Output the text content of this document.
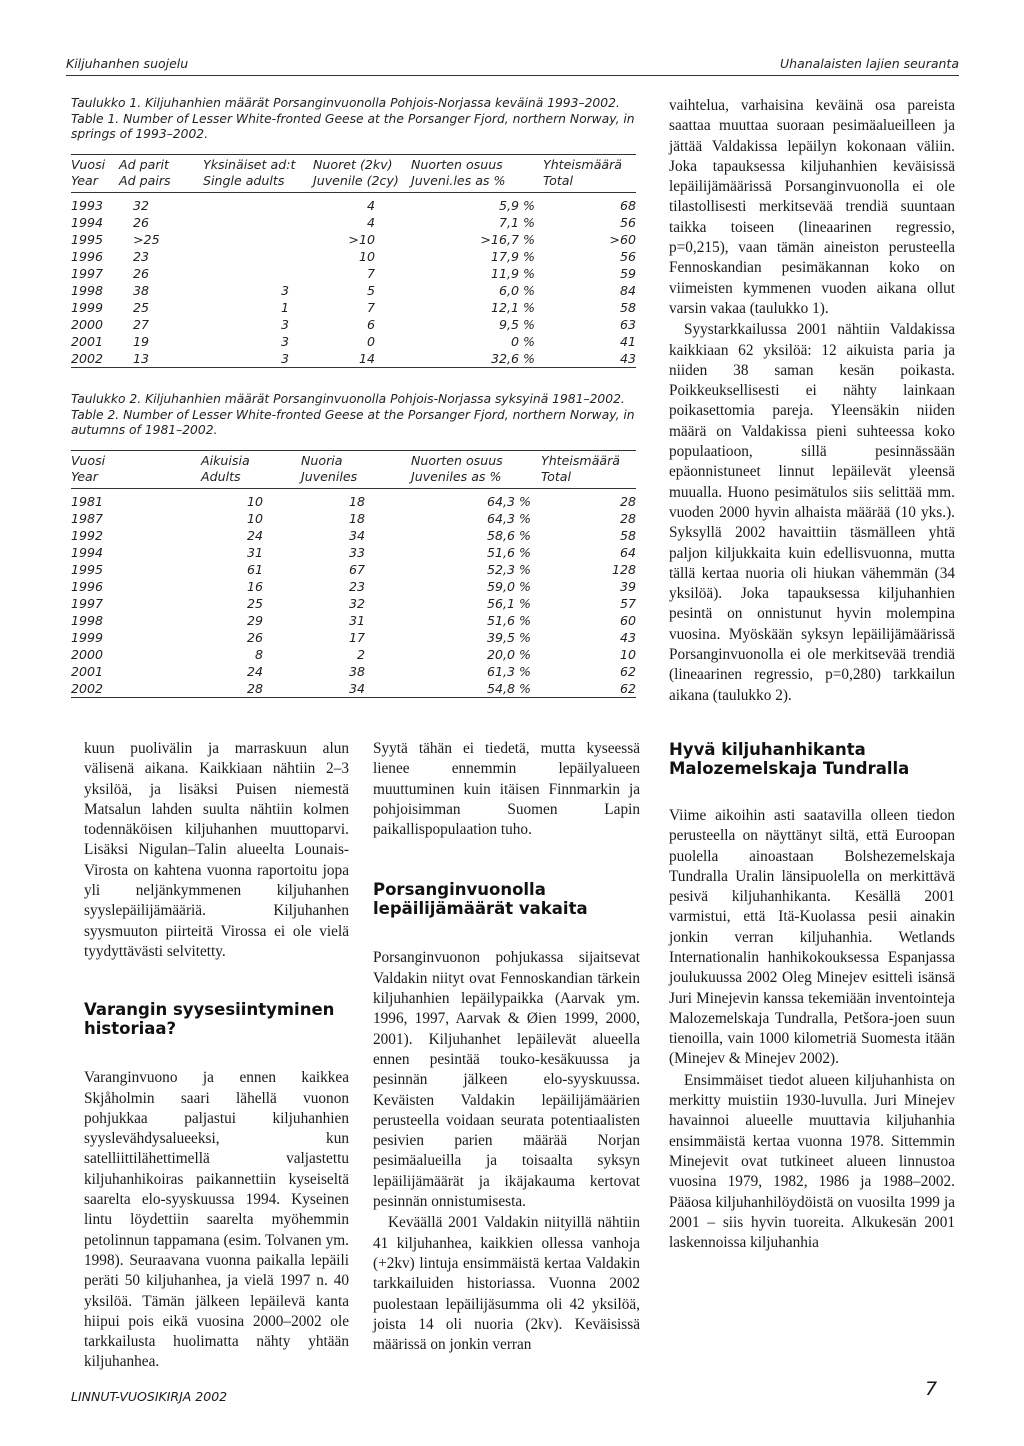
Kiljuhanhen suojelu	Uhanalaisten lajien seuranta

Taulukko 1. Kiljuhanhien määrät Porsanginvuonolla Pohjois-Norjassa keväinä 1993–2002.

Table 1. Number of Lesser White-fronted Geese at the Porsanger Fjord, northern Norway, in springs of 1993–2002.

Vuosi	Ad parit	Yksinäiset ad:t	Nuoret (2kv)	Nuorten osuus	Yhteismäärä
Year	Ad pairs	Single adults	Juvenile (2cy)	Juveni.les as %	Total
1993	32		4	5,9 %	68
1994	26		4	7,1 %	56
1995	>25		>10	>16,7 %	>60
1996	23		10	17,9 %	56
1997	26		7	11,9 %	59
1998	38	3	5	6,0 %	84
1999	25	1	7	12,1 %	58
2000	27	3	6	9,5 %	63
2001	19	3	0	0 %	41
2002	13	3	14	32,6 %	43

Taulukko 2. Kiljuhanhien määrät Porsanginvuonolla Pohjois-Norjassa syksyinä 1981–2002.

Table 2. Number of Lesser White-fronted Geese at the Porsanger Fjord, northern Norway, in autumns of 1981–2002.

Vuosi	Aikuisia	Nuoria	Nuorten osuus	Yhteismäärä
Year	Adults	Juveniles	Juveniles as %	Total
1981	10	18	64,3 %	28
1987	10	18	64,3 %	28
1992	24	34	58,6 %	58
1994	31	33	51,6 %	64
1995	61	67	52,3 %	128
1996	16	23	59,0 %	39
1997	25	32	56,1 %	57
1998	29	31	51,6 %	60
1999	26	17	39,5 %	43
2000	8	2	20,0 %	10
2001	24	38	61,3 %	62
2002	28	34	54,8 %	62

kuun puolivälin ja marraskuun alun välisenä aikana. Kaikkiaan nähtiin 2–3 yksilöä, ja lisäksi Puisen niemestä Matsalun lahden suulta nähtiin kolmen todennäköisen kiljuhanhen muuttoparvi. Lisäksi Nigulan–Talin alueelta Lounais-Virosta on kahtena vuonna raportoitu jopa yli neljänkymmenen kiljuhanhen syyslepäilijämääriä. Kiljuhanhen syysmuuton piirteitä Virossa ei ole vielä tyydyttävästi selvitetty.

Varangin syysesiintyminen historiaa?

Varanginvuono ja ennen kaikkea Skjåholmin saari lähellä vuonon pohjukkaa paljastui kiljuhanhien syyslevähdysalueeksi, kun satelliittilähettimellä valjastettu kiljuhanhikoiras paikannettiin kyseiseltä saarelta elo-syyskuussa 1994. Kyseinen lintu löydettiin saarelta myöhemmin petolinnun tappamana (esim. Tolvanen ym. 1998). Seuraavana vuonna paikalla lepäili peräti 50 kiljuhanhea, ja vielä 1997 n. 40 yksilöä. Tämän jälkeen lepäilevä kanta hiipui pois eikä vuosina 2000–2002 ole tarkkailusta huolimatta nähty yhtään kiljuhanhea.

Syytä tähän ei tiedetä, mutta kyseessä lienee ennemmin lepäilyalueen muuttuminen kuin itäisen Finnmarkin ja pohjoisimman Suomen Lapin paikallispopulaation tuho.

Porsanginvuonolla lepäilijämäärät vakaita

Porsanginvuonon pohjukassa sijaitsevat Valdakin niityt ovat Fennoskandian tärkein kiljuhanhien lepäilypaikka (Aarvak ym. 1996, 1997, Aarvak & Øien 1999, 2000, 2001). Kiljuhanhet lepäilevät alueella ennen pesintää touko-kesäkuussa ja pesinnän jälkeen elo-syyskuussa. Keväisten Valdakin lepäilijämäärien perusteella voidaan seurata potentiaalisten pesivien parien määrää Norjan pesimäalueilla ja toisaalta syksyn lepäilijämäärät ja ikäjakauma kertovat pesinnän onnistumisesta.

Keväällä 2001 Valdakin niityillä nähtiin 41 kiljuhanhea, kaikkien ollessa vanhoja (+2kv) lintuja ensimmäistä kertaa Valdakin tarkkailuiden historiassa. Vuonna 2002 puolestaan lepäilijäsumma oli 42 yksilöä, joista 14 oli nuoria (2kv). Keväisissä määrissä on jonkin verran

vaihtelua, varhaisina keväinä osa pareista saattaa muuttaa suoraan pesimäalueilleen ja jättää Valdakissa lepäilyn kokonaan väliin. Joka tapauksessa kiljuhanhien keväisissä lepäilijämäärissä Porsanginvuonolla ei ole tilastollisesti merkitsevää trendiä suuntaan taikka toiseen (lineaarinen regressio, p=0,215), vaan tämän aineiston perusteella Fennoskandian pesimäkannan koko on viimeisten kymmenen vuoden aikana ollut varsin vakaa (taulukko 1).

Syystarkkailussa 2001 nähtiin Valdakissa kaikkiaan 62 yksilöä: 12 aikuista paria ja niiden 38 saman kesän poikasta. Poikkeuksellisesti ei nähty lainkaan poikasettomia pareja. Yleensäkin niiden määrä on Valdakissa pieni suhteessa koko populaatioon, sillä pesinnässään epäonnistuneet linnut lepäilevät yleensä muualla. Huono pesimätulos siis selittää mm. vuoden 2000 hyvin alhaista määrää (10 yks.). Syksyllä 2002 havaittiin täsmälleen yhtä paljon kiljukkaita kuin edellisvuonna, mutta tällä kertaa nuoria oli hiukan vähemmän (34 yksilöä). Joka tapauksessa kiljuhanhien pesintä on onnistunut hyvin molempina vuosina. Myöskään syksyn lepäilijämäärissä Porsanginvuonolla ei ole merkitsevää trendiä (lineaarinen regressio, p=0,280) tarkkailun aikana (taulukko 2).

Hyvä kiljuhanhikanta Malozemelskaja Tundralla

Viime aikoihin asti saatavilla olleen tiedon perusteella on näyttänyt siltä, että Euroopan puolella ainoastaan Bolshezemelskaja Tundralla Uralin länsipuolella on merkittävä pesivä kiljuhanhikanta. Kesällä 2001 varmistui, että Itä-Kuolassa pesii ainakin jonkin verran kiljuhanhia. Wetlands Internationalin hanhikokouksessa Espanjassa joulukuussa 2002 Oleg Minejev esitteli isänsä Juri Minejevin kanssa tekemiään inventointeja Malozemelskaja Tundralla, Petšora-joen suun tienoilla, vain 1000 kilometriä Suomesta itään (Minejev & Minejev 2002).

Ensimmäiset tiedot alueen kiljuhanhista on merkitty muistiin 1930-luvulla. Juri Minejev havainnoi alueelle muuttavia kiljuhanhia ensimmäistä kertaa vuonna 1978. Sittemmin Minejevit ovat tutkineet alueen linnustoa vuosina 1979, 1982, 1986 ja 1988–2002. Pääosa kiljuhanhilöydöistä on vuosilta 1999 ja 2001 – siis hyvin tuoreita. Alkukesän 2001 laskennoissa kiljuhanhia

LINNUT-VUOSIKIRJA 2002	7
